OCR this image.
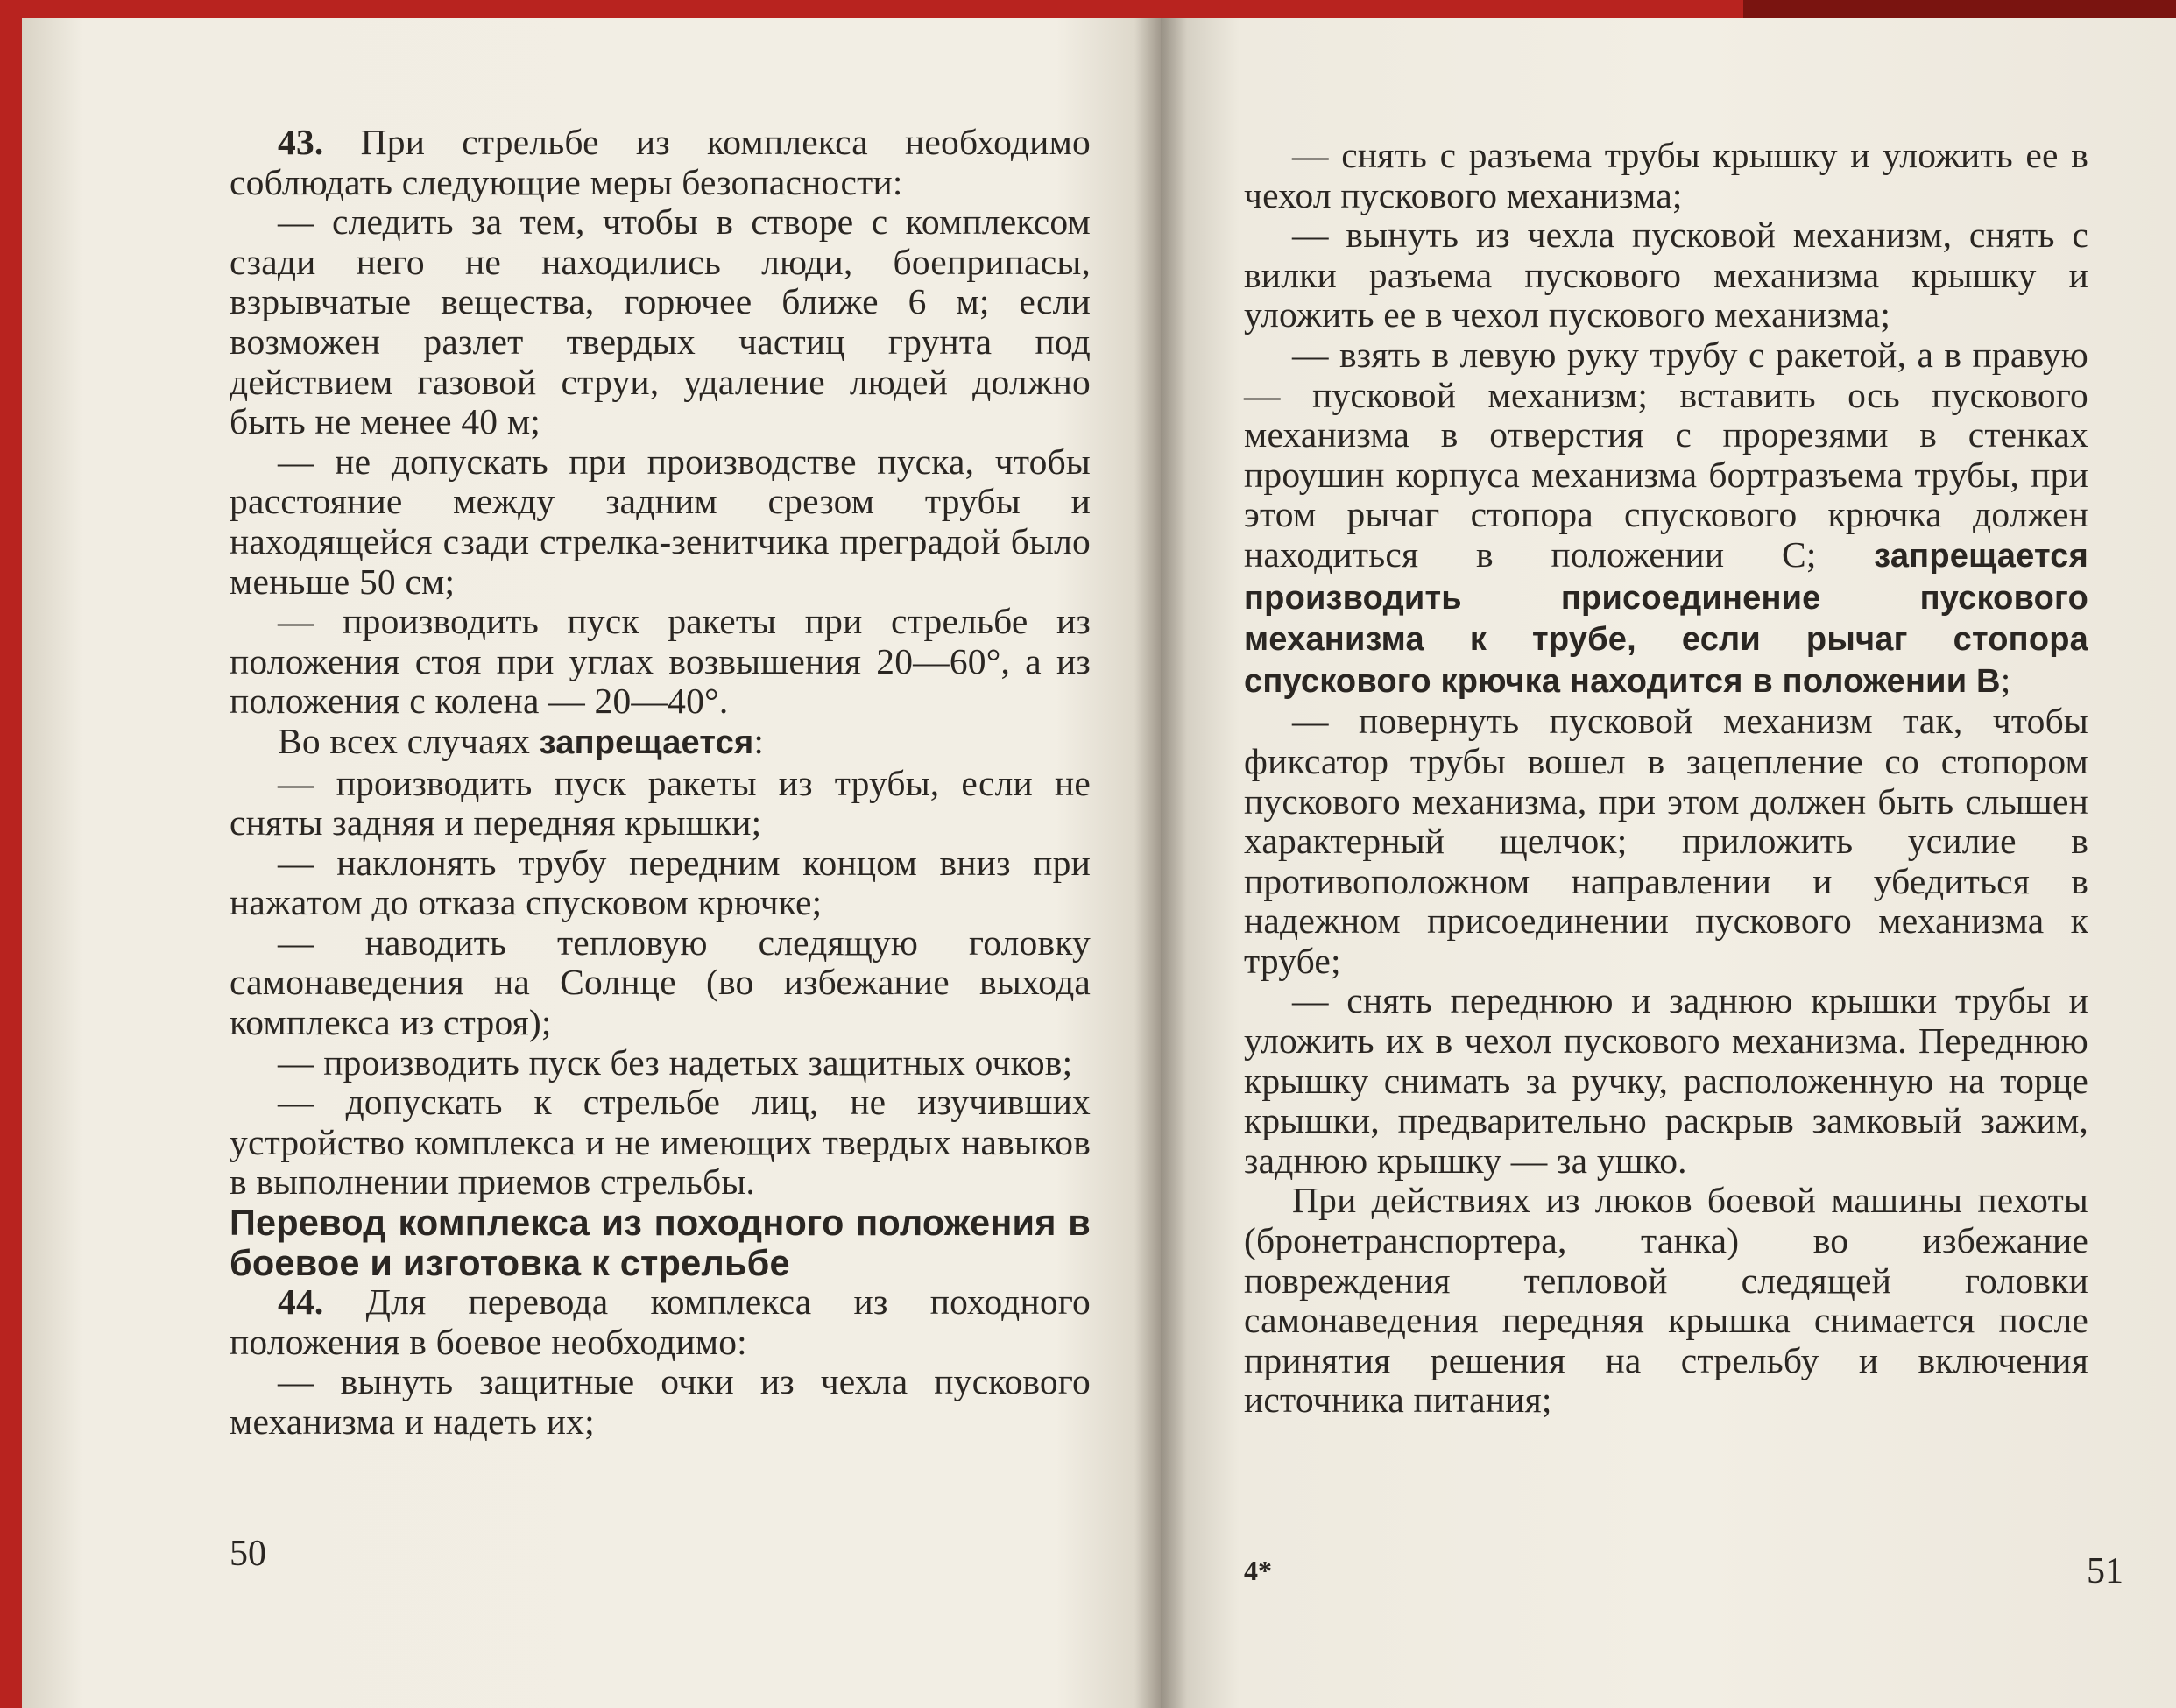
43. При стрельбе из комплекса необходимо соблюдать следующие меры безопасности:

— следить за тем, чтобы в створе с комплексом сзади него не находились люди, боеприпасы, взрывчатые вещества, горючее ближе 6 м; если возможен разлет твердых частиц грунта под действием газовой струи, удаление людей должно быть не менее 40 м;

— не допускать при производстве пуска, чтобы расстояние между задним срезом трубы и находящейся сзади стрелка-зенитчика преградой было меньше 50 см;

— производить пуск ракеты при стрельбе из положения стоя при углах возвышения 20—60°, а из положения с колена — 20—40°.

Во всех случаях запрещается:

— производить пуск ракеты из трубы, если не сняты задняя и передняя крышки;

— наклонять трубу передним концом вниз при нажатом до отказа спусковом крючке;

— наводить тепловую следящую головку самонаведения на Солнце (во избежание выхода комплекса из строя);

— производить пуск без надетых защитных очков;

— допускать к стрельбе лиц, не изучивших устройство комплекса и не имеющих твердых навыков в выполнении приемов стрельбы.

Перевод комплекса из походного положения в боевое и изготовка к стрельбе

44. Для перевода комплекса из походного положения в боевое необходимо:

— вынуть защитные очки из чехла пускового механизма и надеть их;

50

— снять с разъема трубы крышку и уложить ее в чехол пускового механизма;

— вынуть из чехла пусковой механизм, снять с вилки разъема пускового механизма крышку и уложить ее в чехол пускового механизма;

— взять в левую руку трубу с ракетой, а в правую — пусковой механизм; вставить ось пускового механизма в отверстия с прорезями в стенках проушин корпуса механизма бортразъема трубы, при этом рычаг стопора спускового крючка должен находиться в положении С; запрещается производить присоединение пускового механизма к трубе, если рычаг стопора спускового крючка находится в положении В;

— повернуть пусковой механизм так, чтобы фиксатор трубы вошел в зацепление со стопором пускового механизма, при этом должен быть слышен характерный щелчок; приложить усилие в противоположном направлении и убедиться в надежном присоединении пускового механизма к трубе;

— снять переднюю и заднюю крышки трубы и уложить их в чехол пускового механизма. Переднюю крышку снимать за ручку, расположенную на торце крышки, предварительно раскрыв замковый зажим, заднюю крышку — за ушко.

При действиях из люков боевой машины пехоты (бронетранспортера, танка) во избежание повреждения тепловой следящей головки самонаведения передняя крышка снимается после принятия решения на стрельбу и включения источника питания;

4*	51
